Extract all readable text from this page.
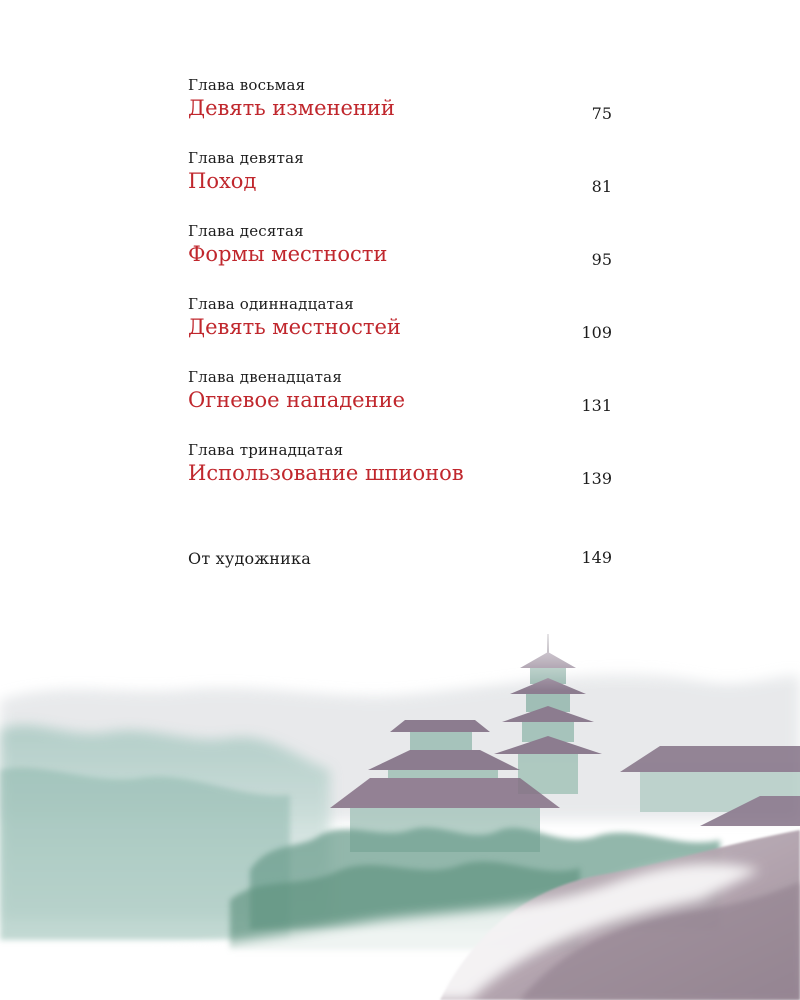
Глава восьмая
Девять изменений	75
Глава девятая
Поход	81
Глава десятая
Формы местности	95
Глава одиннадцатая
Девять местностей	109
Глава двенадцатая
Огневое нападение	131
Глава тринадцатая
Использование шпионов	139
От художника	149
